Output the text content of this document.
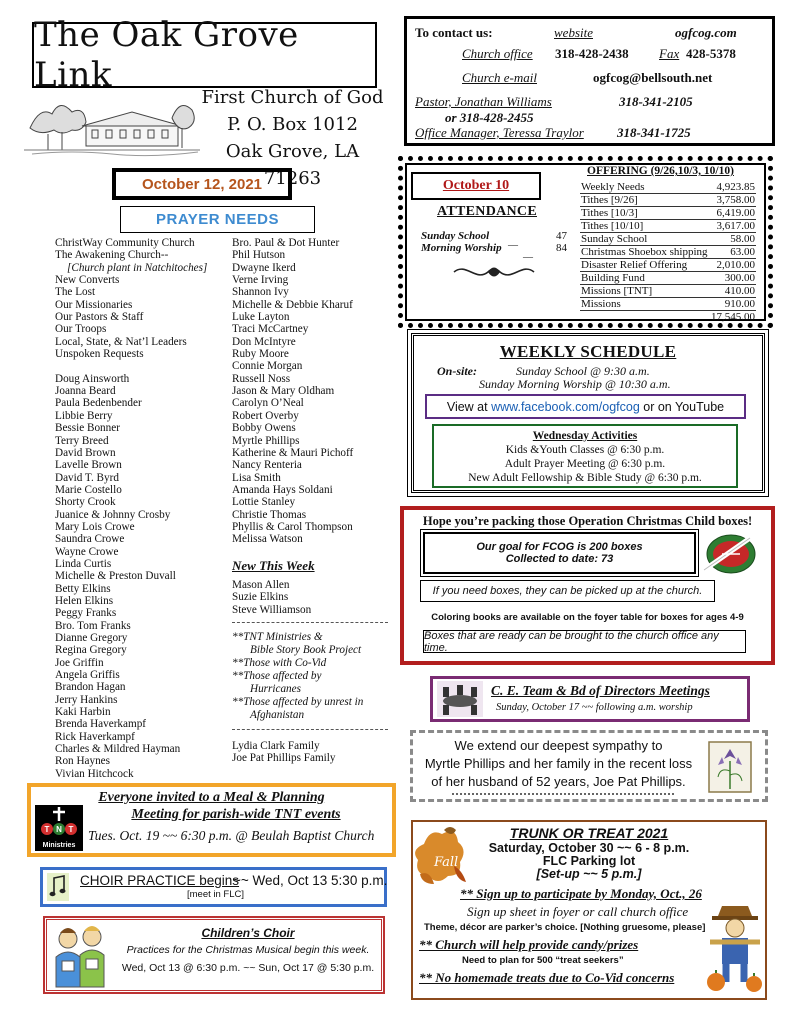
The Oak Grove Link
First Church of God
P. O. Box 1012
Oak Grove, LA 71263
To contact us:	website	ogfcog.com
Church office 318-428-2438 Fax 428-5378
Church e-mail	ogfcog@bellsouth.net
Pastor, Jonathan Williams	318-341-2105
or 318-428-2455
Office Manager, Teressa Traylor	318-341-1725
October 12, 2021
PRAYER NEEDS
ChristWay Community Church
The Awakening Church--
[Church plant in Natchitoches]
New Converts
The Lost
Our Missionaries
Our Pastors & Staff
Our Troops
Local, State, & Nat’l Leaders
Unspoken Requests
Doug Ainsworth
Joanna Beard
Paula Bedenbender
Libbie Berry
Bessie Bonner
Terry Breed
David Brown
Lavelle Brown
David T. Byrd
Marie Costello
Shorty Crook
Juanice & Johnny Crosby
Mary Lois Crowe
Saundra Crowe
Wayne Crowe
Linda Curtis
Michelle & Preston Duvall
Betty Elkins
Helen Elkins
Peggy Franks
Bro. Tom Franks
Dianne Gregory
Regina Gregory
Joe Griffin
Angela Griffis
Brandon Hagan
Jerry Hankins
Kaki Harbin
Brenda Haverkampf
Rick Haverkampf
Charles & Mildred Hayman
Ron Haynes
Vivian Hitchcock
Bro. Paul & Dot Hunter
Phil Hutson
Dwayne Ikerd
Verne Irving
Shannon Ivy
Michelle & Debbie Kharuf
Luke Layton
Traci McCartney
Don McIntyre
Ruby Moore
Connie Morgan
Russell Noss
Jason & Mary Oldham
Carolyn O’Neal
Robert Overby
Bobby Owens
Myrtle Phillips
Katherine & Mauri Pichoff
Nancy Renteria
Lisa Smith
Amanda Hays Soldani
Lottie Stanley
Christie Thomas
Phyllis & Carol Thompson
Melissa Watson
New This Week
Mason Allen
Suzie Elkins
Steve Williamson
**TNT Ministries &
Bible Story Book Project
**Those with Co-Vid
**Those affected by
Hurricanes
**Those affected by unrest in
Afghanistan
Lydia Clark Family
Joe Pat Phillips Family
October 10
ATTENDANCE
Sunday School __	47
Morning Worship __ 84
OFFERING (9/26,10/3, 10/10)
Weekly Needs	4,923.85
Tithes [9/26]	3,758.00
Tithes [10/3]	6,419.00
Tithes [10/10]	3,617.00
Sunday School	58.00
Christmas Shoebox shipping	63.00
Disaster Relief Offering	2,010.00
Building Fund	300.00
Missions [TNT]	410.00
Missions	910.00
	17,545.00
WEEKLY SCHEDULE
On-site:	Sunday School @ 9:30 a.m.
Sunday Morning Worship @ 10:30 a.m.
View at www.facebook.com/ogfcog or on YouTube
Wednesday Activities
Kids &Youth Classes @ 6:30 p.m.
Adult Prayer Meeting @ 6:30 p.m.
New Adult Fellowship & Bible Study @ 6:30 p.m.
Hope you’re packing those Operation Christmas Child boxes!
Our goal for FCOG is 200 boxes
Collected to date: 73
If you need boxes, they can be picked up at the church.
Coloring books are available on the foyer table for boxes for ages 4-9
Boxes that are ready can be brought to the church office any time.
C. E. Team & Bd of Directors Meetings
Sunday, October 17 ~~ following a.m. worship
We extend our deepest sympathy to
Myrtle Phillips and her family in the recent loss
of her husband of 52 years, Joe Pat Phillips.
Fall
TRUNK OR TREAT 2021
Saturday, October 30 ~~ 6 - 8 p.m.
FLC Parking lot
[Set-up ~~ 5 p.m.]
** Sign up to participate by Monday, Oct., 26
Sign up sheet in foyer or call church office
Theme, décor are parker’s choice. [Nothing gruesome, please]
** Church will help provide candy/prizes
Need to plan for 500 “treat seekers”
** No homemade treats due to Co-Vid concerns
T N T
Ministries
Everyone invited to a Meal & Planning
Meeting for parish-wide TNT events
Tues. Oct. 19 ~~ 6:30 p.m. @ Beulah Baptist Church
CHOIR PRACTICE begins
~~ Wed, Oct 13 5:30 p.m.
[meet in FLC]
Children’s Choir
Practices for the Christmas Musical begin this week.
Wed, Oct 13 @ 6:30 p.m. ~~ Sun, Oct 17 @ 5:30 p.m.
